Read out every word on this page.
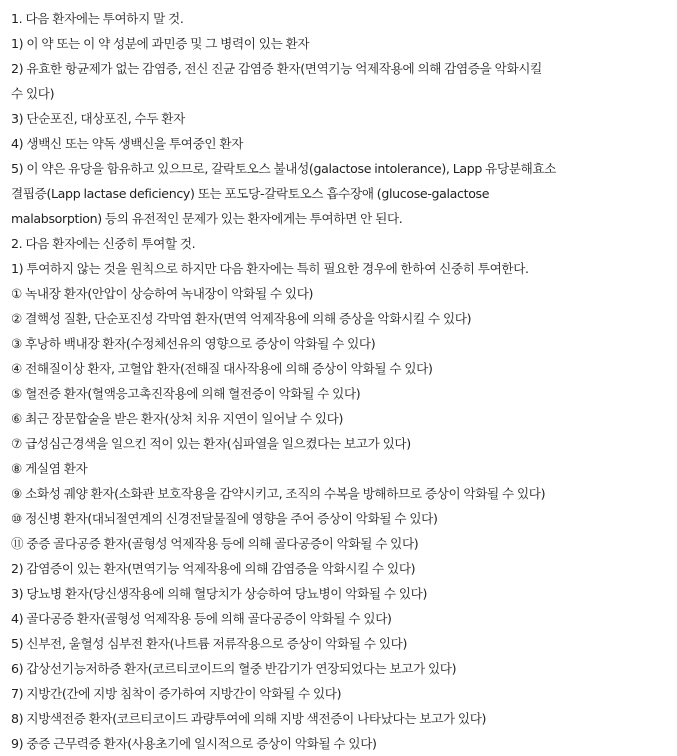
1. 다음 환자에는 투여하지 말 것.
1) 이 약 또는 이 약 성분에 과민증 및 그 병력이 있는 환자
2) 유효한 항균제가 없는 감염증, 전신 진균 감염증 환자(면역기능 억제작용에 의해 감염증을 악화시킬
수 있다)
3) 단순포진, 대상포진, 수두 환자
4) 생백신 또는 약독 생백신을 투여중인 환자
5) 이 약은 유당을 함유하고 있으므로, 갈락토오스 불내성(galactose intolerance), Lapp 유당분해효소
결핍증(Lapp lactase deficiency) 또는 포도당-갈락토오스 흡수장애 (glucose-galactose
malabsorption) 등의 유전적인 문제가 있는 환자에게는 투여하면 안 된다.
2. 다음 환자에는 신중히 투여할 것.
1) 투여하지 않는 것을 원칙으로 하지만 다음 환자에는 특히 필요한 경우에 한하여 신중히 투여한다.
① 녹내장 환자(안압이 상승하여 녹내장이 악화될 수 있다)
② 결핵성 질환, 단순포진성 각막염 환자(면역 억제작용에 의해 증상을 악화시킬 수 있다)
③ 후낭하 백내장 환자(수정체선유의 영향으로 증상이 악화될 수 있다)
④ 전해질이상 환자, 고혈압 환자(전해질 대사작용에 의해 증상이 악화될 수 있다)
⑤ 혈전증 환자(혈액응고촉진작용에 의해 혈전증이 악화될 수 있다)
⑥ 최근 장문합술을 받은 환자(상처 치유 지연이 일어날 수 있다)
⑦ 급성심근경색을 일으킨 적이 있는 환자(심파열을 일으켰다는 보고가 있다)
⑧ 게실염 환자
⑨ 소화성 궤양 환자(소화관 보호작용을 감약시키고, 조직의 수복을 방해하므로 증상이 악화될 수 있다)
⑩ 정신병 환자(대뇌절연계의 신경전달물질에 영향을 주어 증상이 악화될 수 있다)
⑪ 중증 골다공증 환자(골형성 억제작용 등에 의해 골다공증이 악화될 수 있다)
2) 감염증이 있는 환자(면역기능 억제작용에 의해 감염증을 악화시킬 수 있다)
3) 당뇨병 환자(당신생작용에 의해 혈당치가 상승하여 당뇨병이 악화될 수 있다)
4) 골다공증 환자(골형성 억제작용 등에 의해 골다공증이 악화될 수 있다)
5) 신부전, 울혈성 심부전 환자(나트륨 저류작용으로 증상이 악화될 수 있다)
6) 갑상선기능저하증 환자(코르티코이드의 혈중 반감기가 연장되었다는 보고가 있다)
7) 지방간(간에 지방 침착이 증가하여 지방간이 악화될 수 있다)
8) 지방색전증 환자(코르티코이드 과량투여에 의해 지방 색전증이 나타났다는 보고가 있다)
9) 중증 근무력증 환자(사용초기에 일시적으로 증상이 악화될 수 있다)
